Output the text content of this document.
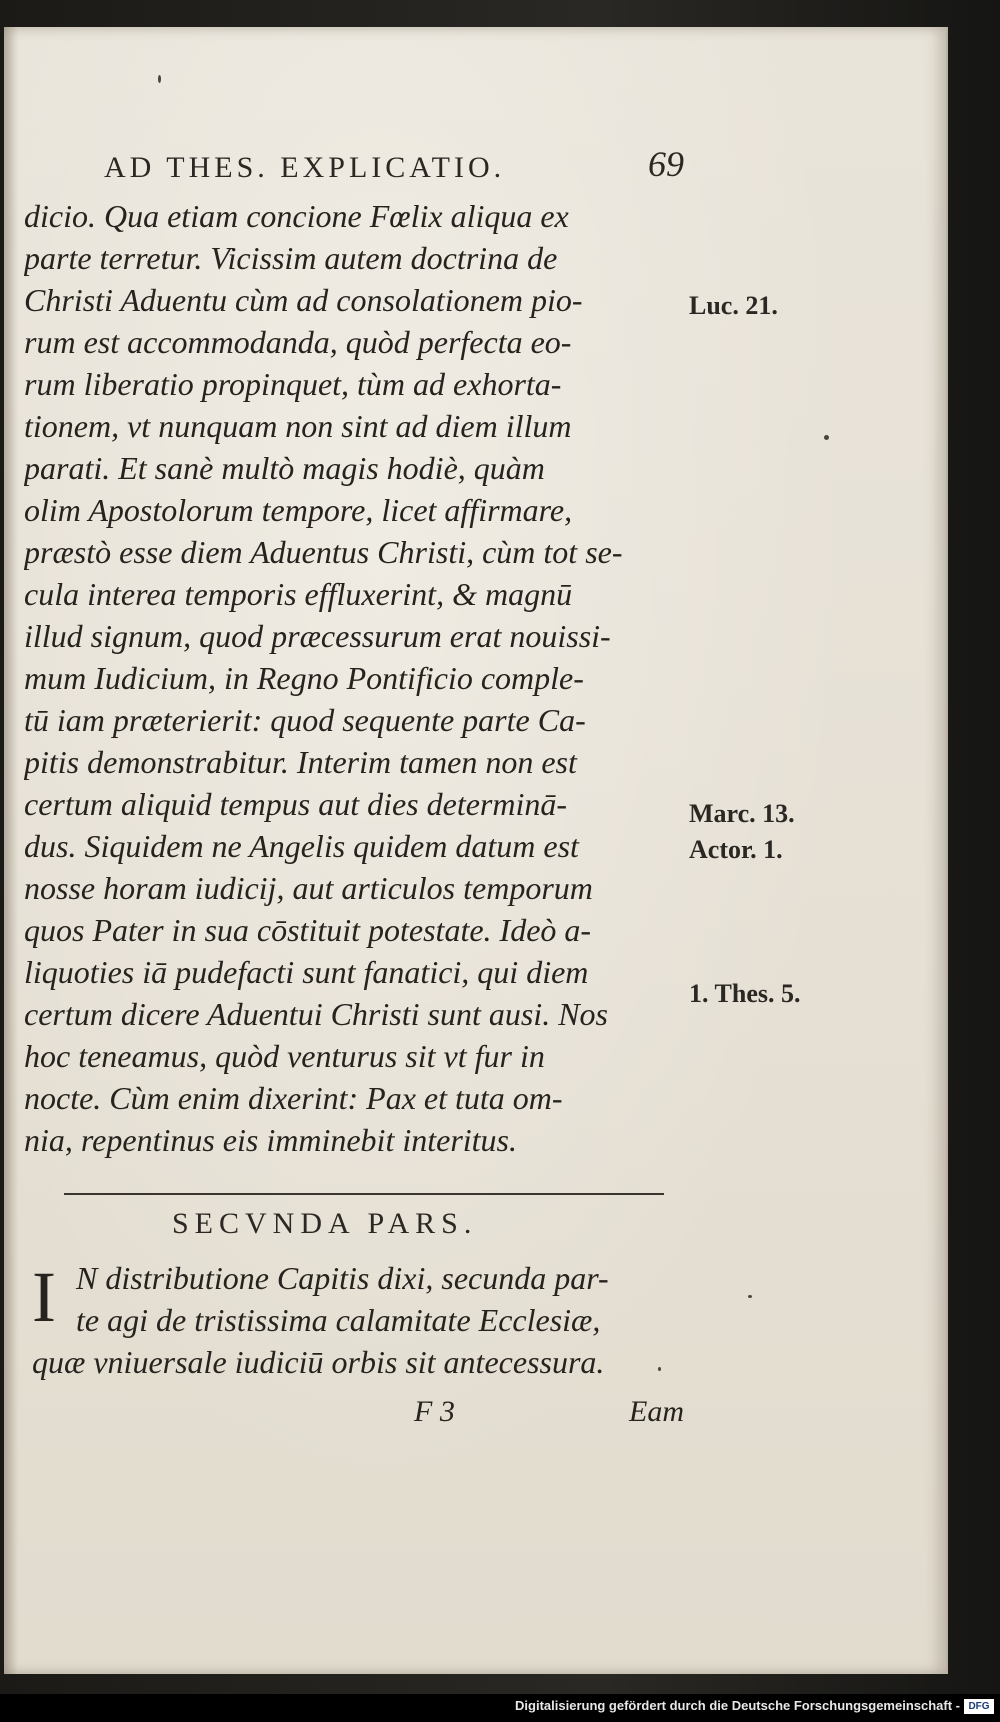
AD THES. EXPLICATIO.	69
dicio. Qua etiam concione Fœlix aliqua ex
parte terretur. Vicissim autem doctrina de
Christi Aduentu cùm ad consolationem pio-
rum est accommodanda, quòd perfecta eo-
rum liberatio propinquet, tùm ad exhorta-
tionem, vt nunquam non sint ad diem illum
parati. Et sanè multò magis hodiè, quàm
olim Apostolorum tempore, licet affirmare,
præstò esse diem Aduentus Christi, cùm tot se-
cula interea temporis effluxerint, & magnū
illud signum, quod præcessurum erat nouissi-
mum Iudicium, in Regno Pontificio comple-
tū iam præterierit: quod sequente parte Ca-
pitis demonstrabitur. Interim tamen non est
certum aliquid tempus aut dies determinā-
dus. Siquidem ne Angelis quidem datum est
nosse horam iudicij, aut articulos temporum
quos Pater in sua cōstituit potestate. Ideò a-
liquoties iā pudefacti sunt fanatici, qui diem
certum dicere Aduentui Christi sunt ausi. Nos
hoc teneamus, quòd venturus sit vt fur in
nocte. Cùm enim dixerint: Pax et tuta om-
nia, repentinus eis imminebit interitus.
Luc. 21.
Marc. 13.
Actor. 1.
1. Thes. 5.
SECVNDA PARS.
I N distributione Capitis dixi, secunda par-
te agi de tristissima calamitate Ecclesiæ,
quæ vniuersale iudiciū orbis sit antecessura.
F 3	Eam
Digitalisierung gefördert durch die Deutsche Forschungsgemeinschaft - DFG
